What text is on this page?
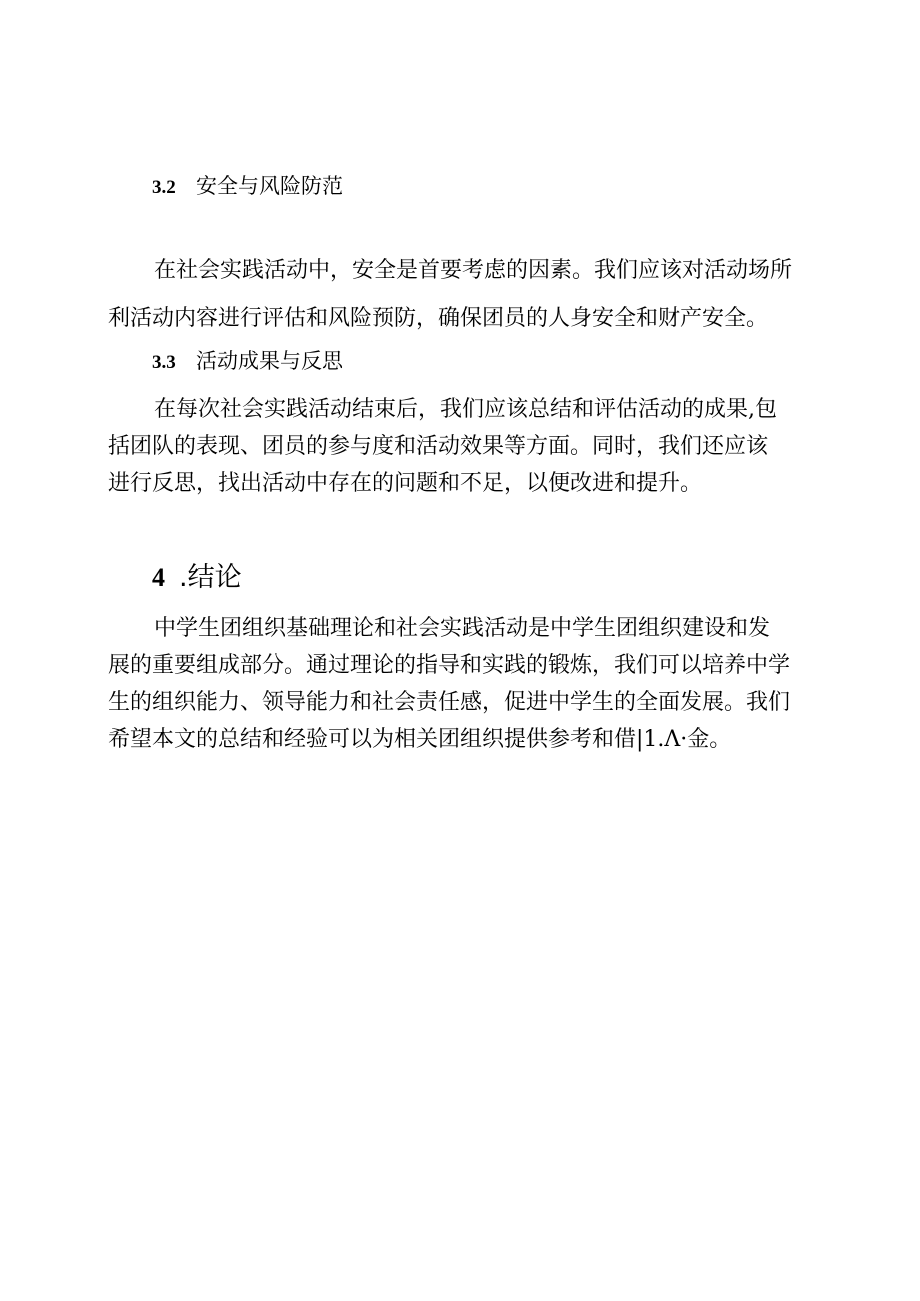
3.2 安全与风险防范
在社会实践活动中，安全是首要考虑的因素。我们应该对活动场所
利活动内容进行评估和风险预防，确保团员的人身安全和财产安全。
3.3 活动成果与反思
在每次社会实践活动结束后，我们应该总结和评估活动的成果,包
括团队的表现、团员的参与度和活动效果等方面。同时，我们还应该
进行反思，找出活动中存在的问题和不足，以便改进和提升。
4 .结论
中学生团组织基础理论和社会实践活动是中学生团组织建设和发
展的重要组成部分。通过理论的指导和实践的锻炼，我们可以培养中学
生的组织能力、领导能力和社会责任感，促进中学生的全面发展。我们
希望本文的总结和经验可以为相关团组织提供参考和借|1.Λ·金。
